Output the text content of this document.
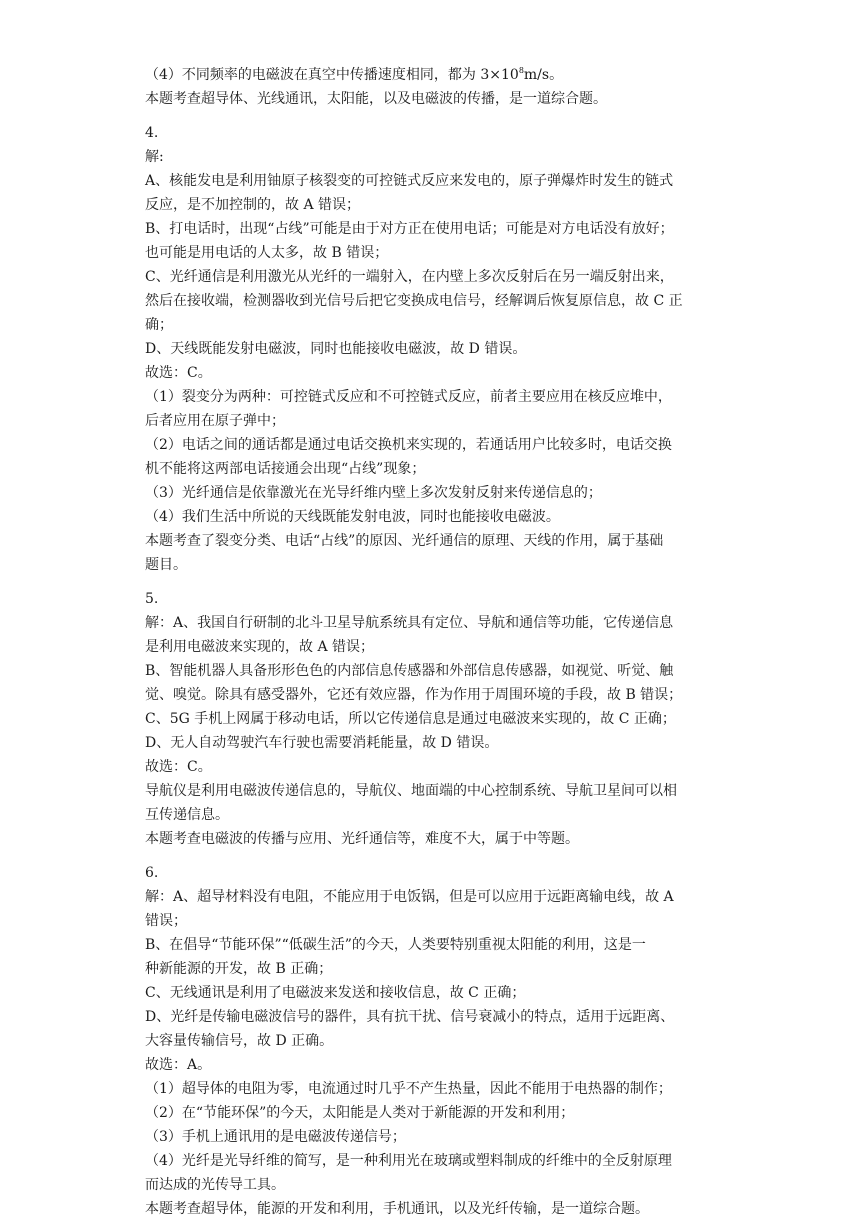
（4）不同频率的电磁波在真空中传播速度相同，都为 $3\times 10^8m/s$。
本题考查超导体、光线通讯，太阳能，以及电磁波的传播，是一道综合题。
4.
解:
A、核能发电是利用铀原子核裂变的可控链式反应来发电的，原子弹爆炸时发生的链式
反应，是不加控制的，故 A 错误；
B、打电话时，出现“占线”可能是由于对方正在使用电话；可能是对方电话没有放好；
也可能是用电话的人太多，故 B 错误；
C、光纤通信是利用激光从光纤的一端射入，在内壁上多次反射后在另一端反射出来，
然后在接收端，检测器收到光信号后把它变换成电信号，经解调后恢复原信息，故 C 正
确；
D、天线既能发射电磁波，同时也能接收电磁波，故 D 错误。
故选：C。
（1）裂变分为两种：可控链式反应和不可控链式反应，前者主要应用在核反应堆中，
后者应用在原子弹中；
（2）电话之间的通话都是通过电话交换机来实现的，若通话用户比较多时，电话交换
机不能将这两部电话接通会出现“占线”现象；
（3）光纤通信是依靠激光在光导纤维内壁上多次发射反射来传递信息的；
（4）我们生活中所说的天线既能发射电波，同时也能接收电磁波。
本题考查了裂变分类、电话“占线”的原因、光纤通信的原理、天线的作用，属于基础
题目。
5.
解：A、我国自行研制的北斗卫星导航系统具有定位、导航和通信等功能，它传递信息
是利用电磁波来实现的，故 A 错误；
B、智能机器人具备形形色色的内部信息传感器和外部信息传感器，如视觉、听觉、触
觉、嗅觉。除具有感受器外，它还有效应器，作为作用于周围环境的手段，故 B 错误；
C、5G 手机上网属于移动电话，所以它传递信息是通过电磁波来实现的，故 C 正确；
D、无人自动驾驶汽车行驶也需要消耗能量，故 D 错误。
故选：C。
导航仪是利用电磁波传递信息的，导航仪、地面端的中心控制系统、导航卫星间可以相
互传递信息。
本题考查电磁波的传播与应用、光纤通信等，难度不大，属于中等题。
6.
解：A、超导材料没有电阻，不能应用于电饭锅，但是可以应用于远距离输电线，故 A
错误；
B、在倡导“节能环保”“低碳生活”的今天，人类要特别重视太阳能的利用，这是一
种新能源的开发，故 B 正确；
C、无线通讯是利用了电磁波来发送和接收信息，故 C 正确；
D、光纤是传输电磁波信号的器件，具有抗干扰、信号衰减小的特点，适用于远距离、
大容量传输信号，故 D 正确。
故选：A。
（1）超导体的电阻为零，电流通过时几乎不产生热量，因此不能用于电热器的制作；
（2）在“节能环保”的今天，太阳能是人类对于新能源的开发和利用；
（3）手机上通讯用的是电磁波传递信号；
（4）光纤是光导纤维的简写，是一种利用光在玻璃或塑料制成的纤维中的全反射原理
而达成的光传导工具。
本题考查超导体，能源的开发和利用，手机通讯，以及光纤传输，是一道综合题。
